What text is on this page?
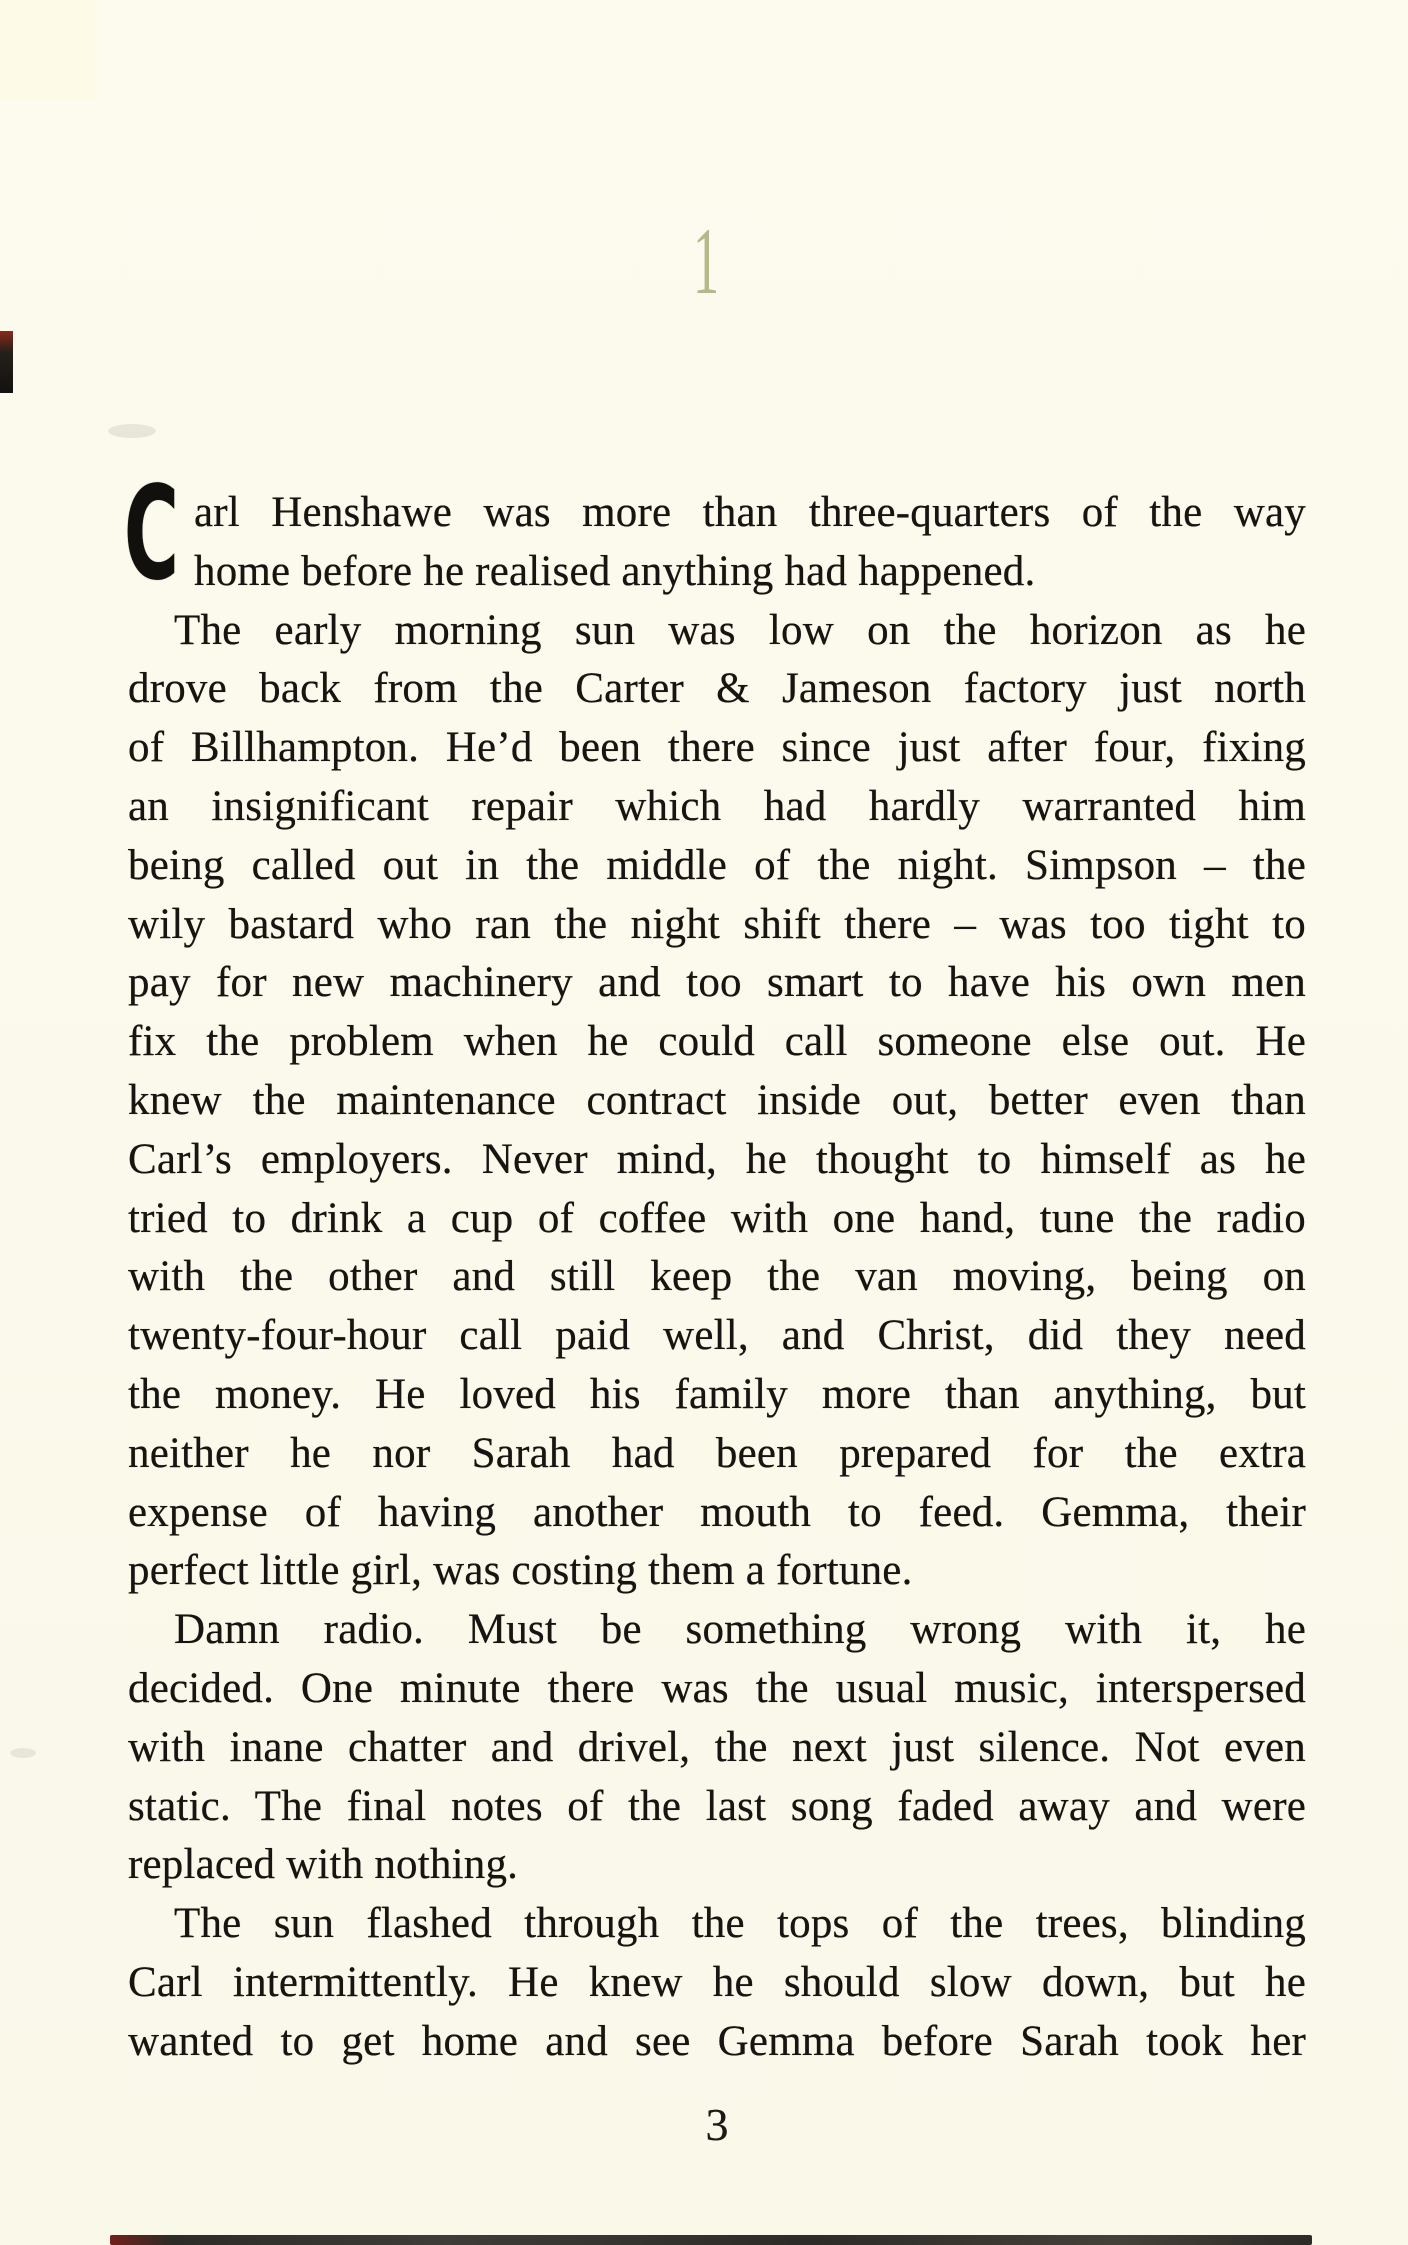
1
C arl Henshawe was more than three-quarters of the way
home before he realised anything had happened.
The early morning sun was low on the horizon as he
drove back from the Carter & Jameson factory just north
of Billhampton. He’d been there since just after four, fixing
an insignificant repair which had hardly warranted him
being called out in the middle of the night. Simpson – the
wily bastard who ran the night shift there – was too tight to
pay for new machinery and too smart to have his own men
fix the problem when he could call someone else out. He
knew the maintenance contract inside out, better even than
Carl’s employers. Never mind, he thought to himself as he
tried to drink a cup of coffee with one hand, tune the radio
with the other and still keep the van moving, being on
twenty-four-hour call paid well, and Christ, did they need
the money. He loved his family more than anything, but
neither he nor Sarah had been prepared for the extra
expense of having another mouth to feed. Gemma, their
perfect little girl, was costing them a fortune.
Damn radio. Must be something wrong with it, he
decided. One minute there was the usual music, interspersed
with inane chatter and drivel, the next just silence. Not even
static. The final notes of the last song faded away and were
replaced with nothing.
The sun flashed through the tops of the trees, blinding
Carl intermittently. He knew he should slow down, but he
wanted to get home and see Gemma before Sarah took her
3
